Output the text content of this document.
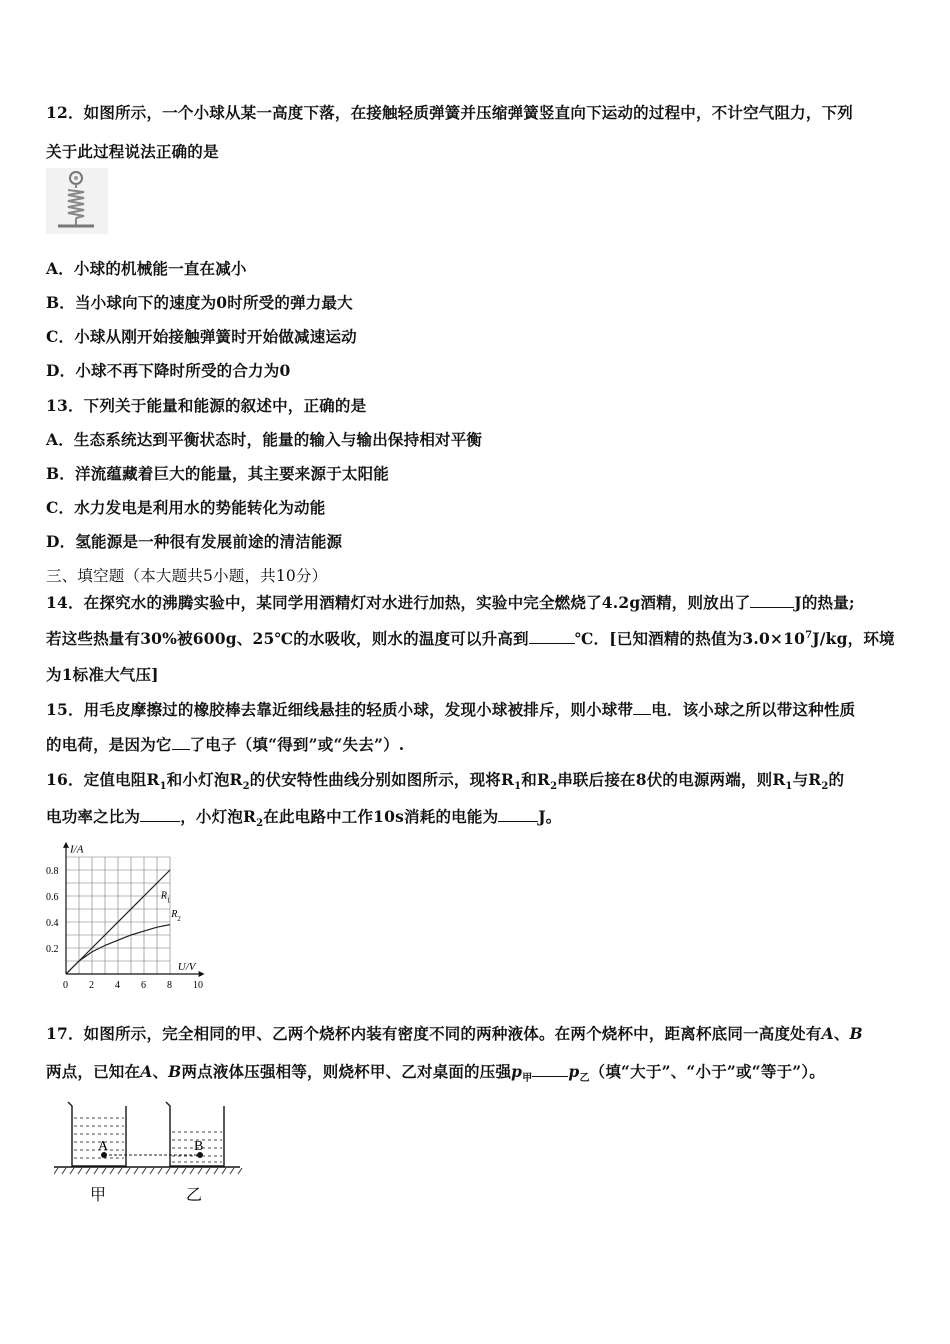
12．如图所示，一个小球从某一高度下落，在接触轻质弹簧并压缩弹簧竖直向下运动的过程中，不计空气阻力，下列
关于此过程说法正确的是
A．小球的机械能一直在减小
B．当小球向下的速度为0时所受的弹力最大
C．小球从刚开始接触弹簧时开始做减速运动
D．小球不再下降时所受的合力为0
13．下列关于能量和能源的叙述中，正确的是
A．生态系统达到平衡状态时，能量的输入与输出保持相对平衡
B．洋流蕴藏着巨大的能量，其主要来源于太阳能
C．水力发电是利用水的势能转化为动能
D．氢能源是一种很有发展前途的清洁能源
三、填空题（本大题共5小题，共10分）
14．在探究水的沸腾实验中，某同学用酒精灯对水进行加热，实验中完全燃烧了4.2g酒精，则放出了	J的热量;
若这些热量有30%被600g、25℃的水吸收，则水的温度可以升高到	℃．[已知酒精的热值为$3.0\times 10^7J/kg$，环境
为1标准大气压]
15．用毛皮摩擦过的橡胶棒去靠近细线悬挂的轻质小球，发现小球被排斥，则小球带 电．该小球之所以带这种性质
的电荷，是因为它 了电子（填“得到”或“失去”）.
16．定值电阻$R_1$和小灯泡$R_2$的伏安特性曲线分别如图所示，现将$R_1$和$R_2$串联后接在8伏的电源两端，则$R_1$与$R_2$的
电功率之比为	，小灯泡$R_2$在此电路中工作10s消耗的电能为	J。
0 2 4 6 8 10
0.2
0.4
0.6
0.8
U/V
I/A
R 1
R 2
17．如图所示，完全相同的甲、乙两个烧杯内装有密度不同的两种液体。在两个烧杯中，距离杯底同一高度处有A、B
两点，已知在A、B两点液体压强相等，则烧杯甲、乙对桌面的压强$p_甲$ $p_乙$（填“大于”、“小于”或“等于”）。
A	B
甲	乙
